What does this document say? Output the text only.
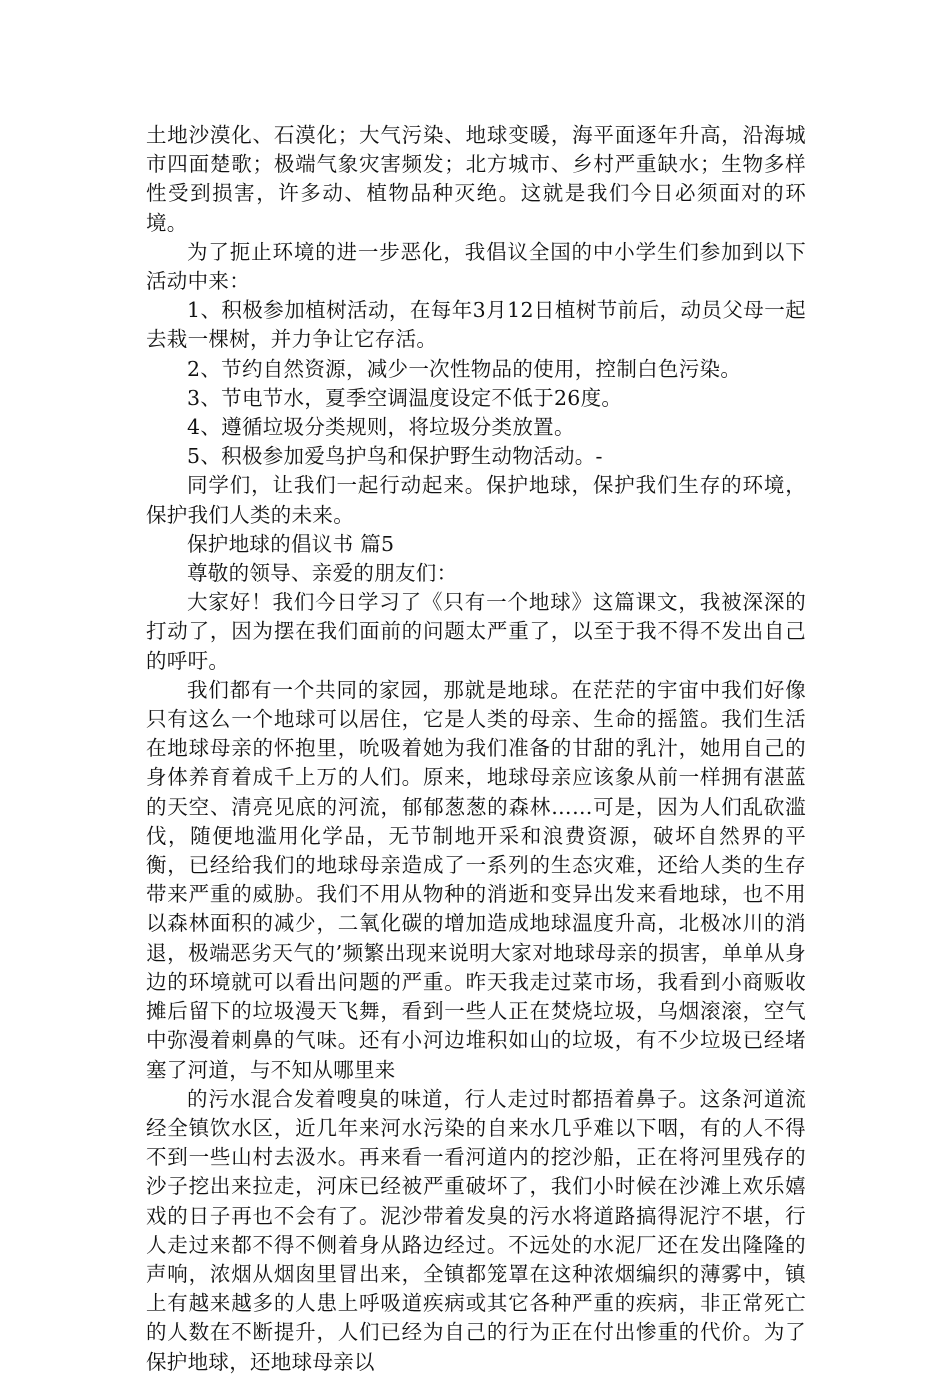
土地沙漠化、石漠化；大气污染、地球变暖，海平面逐年升高，沿海城市四面楚歌；极端气象灾害频发；北方城市、乡村严重缺水；生物多样性受到损害，许多动、植物品种灭绝。这就是我们今日必须面对的环境。

为了扼止环境的进一步恶化，我倡议全国的中小学生们参加到以下活动中来：

1、积极参加植树活动，在每年3月12日植树节前后，动员父母一起去栽一棵树，并力争让它存活。

2、节约自然资源，减少一次性物品的使用，控制白色污染。

3、节电节水，夏季空调温度设定不低于26度。

4、遵循垃圾分类规则，将垃圾分类放置。

5、积极参加爱鸟护鸟和保护野生动物活动。-

同学们，让我们一起行动起来。保护地球，保护我们生存的环境，保护我们人类的未来。

保护地球的倡议书 篇5

尊敬的领导、亲爱的朋友们：

大家好！我们今日学习了《只有一个地球》这篇课文，我被深深的打动了，因为摆在我们面前的问题太严重了，以至于我不得不发出自己的呼吁。

我们都有一个共同的家园，那就是地球。在茫茫的宇宙中我们好像只有这么一个地球可以居住，它是人类的母亲、生命的摇篮。我们生活在地球母亲的怀抱里，吮吸着她为我们准备的甘甜的乳汁，她用自己的身体养育着成千上万的人们。原来，地球母亲应该象从前一样拥有湛蓝的天空、清亮见底的河流，郁郁葱葱的森林……可是，因为人们乱砍滥伐，随便地滥用化学品，无节制地开采和浪费资源，破坏自然界的平衡，已经给我们的地球母亲造成了一系列的生态灾难，还给人类的生存带来严重的威胁。我们不用从物种的消逝和变异出发来看地球，也不用以森林面积的减少，二氧化碳的增加造成地球温度升高，北极冰川的消退，极端恶劣天气的’频繁出现来说明大家对地球母亲的损害，单单从身边的环境就可以看出问题的严重。昨天我走过菜市场，我看到小商贩收摊后留下的垃圾漫天飞舞，看到一些人正在焚烧垃圾，乌烟滚滚，空气中弥漫着刺鼻的气味。还有小河边堆积如山的垃圾，有不少垃圾已经堵塞了河道，与不知从哪里来

的污水混合发着嗖臭的味道，行人走过时都捂着鼻子。这条河道流经全镇饮水区，近几年来河水污染的自来水几乎难以下咽，有的人不得不到一些山村去汲水。再来看一看河道内的挖沙船，正在将河里残存的沙子挖出来拉走，河床已经被严重破坏了，我们小时候在沙滩上欢乐嬉戏的日子再也不会有了。泥沙带着发臭的污水将道路搞得泥泞不堪，行人走过来都不得不侧着身从路边经过。不远处的水泥厂还在发出隆隆的声响，浓烟从烟囱里冒出来，全镇都笼罩在这种浓烟编织的薄雾中，镇上有越来越多的人患上呼吸道疾病或其它各种严重的疾病，非正常死亡的人数在不断提升，人们已经为自己的行为正在付出惨重的代价。为了保护地球，还地球母亲以
